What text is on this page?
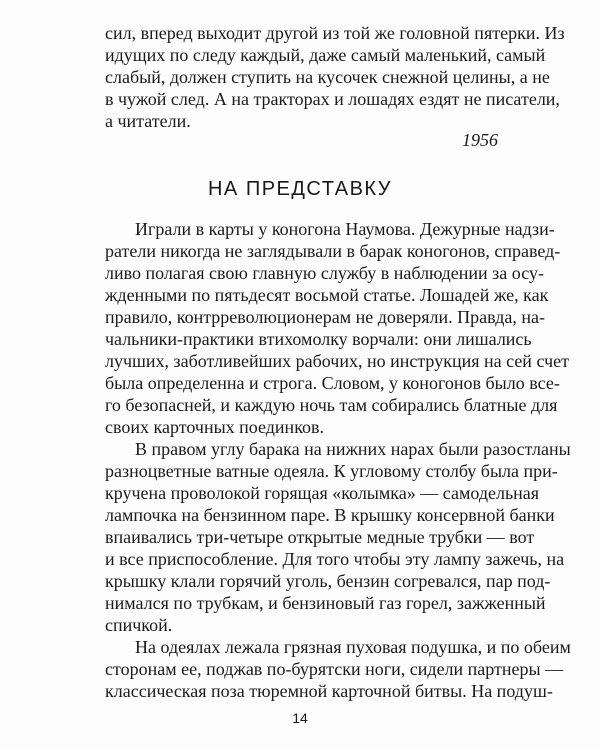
сил, вперед выходит другой из той же головной пятерки. Из
идущих по следу каждый, даже самый маленький, самый
слабый, должен ступить на кусочек снежной целины, а не
в чужой след. А на тракторах и лошадях ездят не писатели,
а читатели.
1956
НА ПРЕДСТАВКУ
Играли в карты у коногона Наумова. Дежурные надзи-
ратели никогда не заглядывали в барак коногонов, справед-
ливо полагая свою главную службу в наблюдении за осу-
жденными по пятьдесят восьмой статье. Лошадей же, как
правило, контрреволюционерам не доверяли. Правда, на-
чальники-практики втихомолку ворчали: они лишались
лучших, заботливейших рабочих, но инструкция на сей счет
была определенна и строга. Словом, у коногонов было все-
го безопасней, и каждую ночь там собирались блатные для
своих карточных поединков.
В правом углу барака на нижних нарах были разостланы
разноцветные ватные одеяла. К угловому столбу была при-
кручена проволокой горящая «колымка» — самодельная
лампочка на бензинном паре. В крышку консервной банки
впаивались три-четыре открытые медные трубки — вот
и все приспособление. Для того чтобы эту лампу зажечь, на
крышку клали горячий уголь, бензин согревался, пар под-
нимался по трубкам, и бензиновый газ горел, зажженный
спичкой.
На одеялах лежала грязная пуховая подушка, и по обеим
сторонам ее, поджав по-бурятски ноги, сидели партнеры —
классическая поза тюремной карточной битвы. На подуш-
14
